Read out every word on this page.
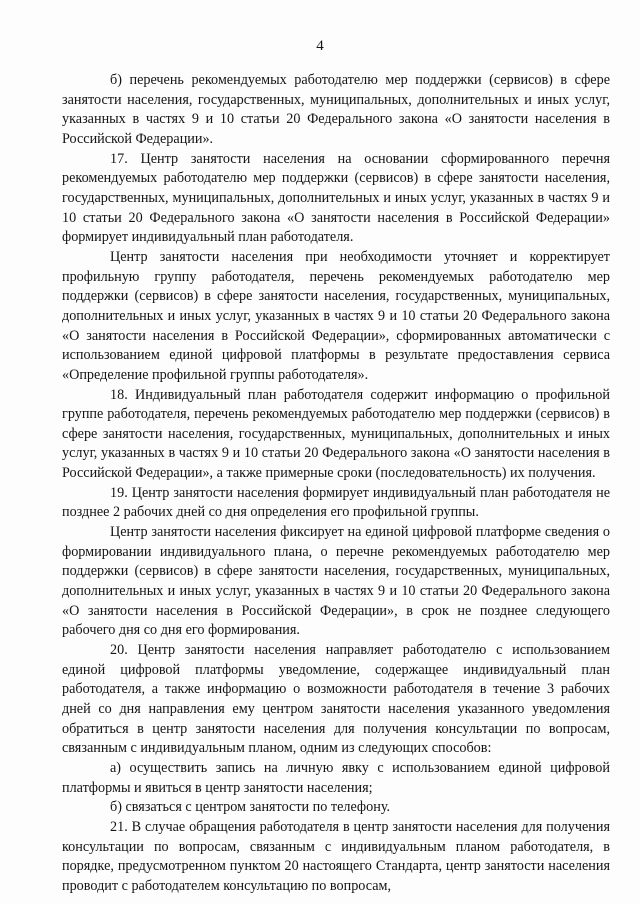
4

б) перечень рекомендуемых работодателю мер поддержки (сервисов) в сфере занятости населения, государственных, муниципальных, дополнительных и иных услуг, указанных в частях 9 и 10 статьи 20 Федерального закона «О занятости населения в Российской Федерации».

17. Центр занятости населения на основании сформированного перечня рекомендуемых работодателю мер поддержки (сервисов) в сфере занятости населения, государственных, муниципальных, дополнительных и иных услуг, указанных в частях 9 и 10 статьи 20 Федерального закона «О занятости населения в Российской Федерации» формирует индивидуальный план работодателя.

Центр занятости населения при необходимости уточняет и корректирует профильную группу работодателя, перечень рекомендуемых работодателю мер поддержки (сервисов) в сфере занятости населения, государственных, муниципальных, дополнительных и иных услуг, указанных в частях 9 и 10 статьи 20 Федерального закона «О занятости населения в Российской Федерации», сформированных автоматически с использованием единой цифровой платформы в результате предоставления сервиса «Определение профильной группы работодателя».

18. Индивидуальный план работодателя содержит информацию о профильной группе работодателя, перечень рекомендуемых работодателю мер поддержки (сервисов) в сфере занятости населения, государственных, муниципальных, дополнительных и иных услуг, указанных в частях 9 и 10 статьи 20 Федерального закона «О занятости населения в Российской Федерации», а также примерные сроки (последовательность) их получения.

19. Центр занятости населения формирует индивидуальный план работодателя не позднее 2 рабочих дней со дня определения его профильной группы.

Центр занятости населения фиксирует на единой цифровой платформе сведения о формировании индивидуального плана, о перечне рекомендуемых работодателю мер поддержки (сервисов) в сфере занятости населения, государственных, муниципальных, дополнительных и иных услуг, указанных в частях 9 и 10 статьи 20 Федерального закона «О занятости населения в Российской Федерации», в срок не позднее следующего рабочего дня со дня его формирования.

20. Центр занятости населения направляет работодателю с использованием единой цифровой платформы уведомление, содержащее индивидуальный план работодателя, а также информацию о возможности работодателя в течение 3 рабочих дней со дня направления ему центром занятости населения указанного уведомления обратиться в центр занятости населения для получения консультации по вопросам, связанным с индивидуальным планом, одним из следующих способов:

а) осуществить запись на личную явку с использованием единой цифровой платформы и явиться в центр занятости населения;

б) связаться с центром занятости по телефону.

21. В случае обращения работодателя в центр занятости населения для получения консультации по вопросам, связанным с индивидуальным планом работодателя, в порядке, предусмотренном пунктом 20 настоящего Стандарта, центр занятости населения проводит с работодателем консультацию по вопросам,
